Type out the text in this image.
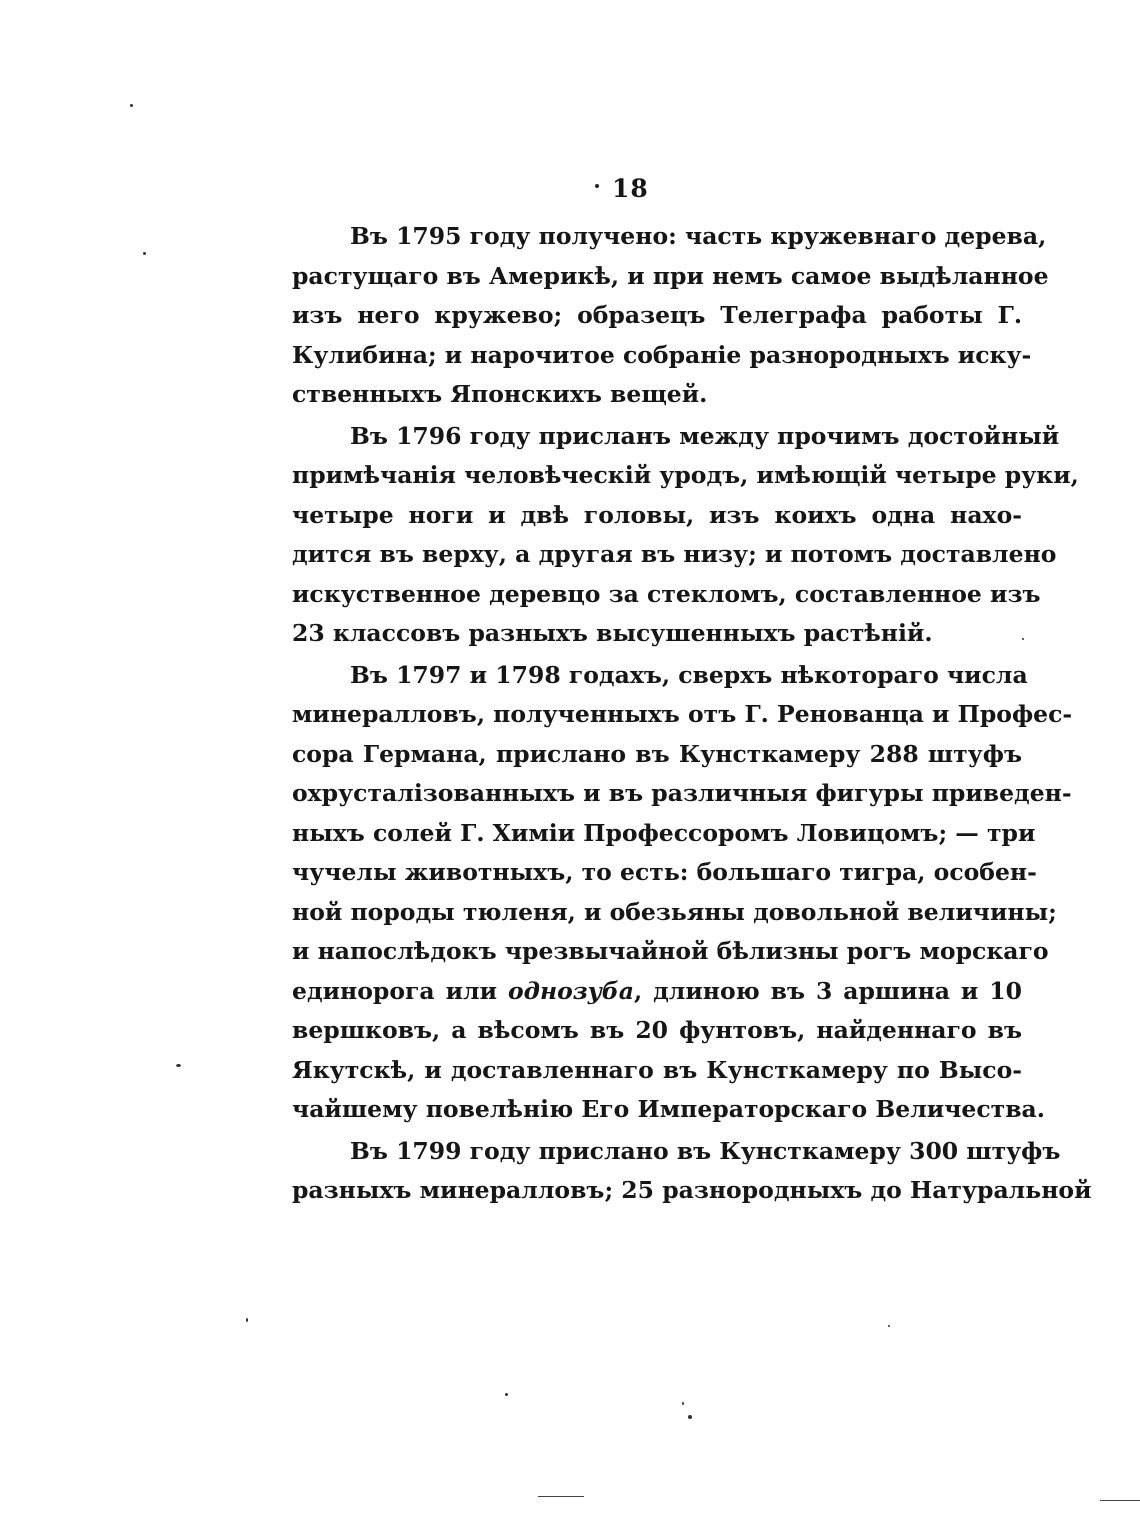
18
Въ 1795 году получено: часть кружевнаго дерева,
растущаго въ Америкѣ, и при немъ самое выдѣланное
изъ него кружево; образецъ Телеграфа работы Г.
Кулибина; и нарочитое собраніе разнородныхъ иску-
ственныхъ Японскихъ вещей.
Въ 1796 году присланъ между прочимъ достойный
примѣчанія человѣческій уродъ, имѣющій четыре руки,
четыре ноги и двѣ головы, изъ коихъ одна нахо-
дится въ верху, а другая въ низу; и потомъ доставлено
искуственное деревцо за стекломъ, составленное изъ
23 классовъ разныхъ высушенныхъ растѣній.
Въ 1797 и 1798 годахъ, сверхъ нѣкотораго числа
минералловъ, полученныхъ отъ Г. Ренованца и Профес-
сора Германа, прислано въ Кунсткамеру 288 штуфъ
охрусталізованныхъ и въ различныя фигуры приведен-
ныхъ солей Г. Химіи Профессоромъ Ловицомъ; — три
чучелы животныхъ, то есть: большаго тигра, особен-
ной породы тюленя, и обезьяны довольной величины;
и напослѣдокъ чрезвычайной бѣлизны рогъ морскаго
единорога или однозуба, длиною въ 3 аршина и 10
вершковъ, а вѣсомъ въ 20 фунтовъ, найденнаго въ
Якутскѣ, и доставленнаго въ Кунсткамеру по Высо-
чайшему повелѣнію Его Императорскаго Величества.
Въ 1799 году прислано въ Кунсткамеру 300 штуфъ
разныхъ минералловъ; 25 разнородныхъ до Натуральной
